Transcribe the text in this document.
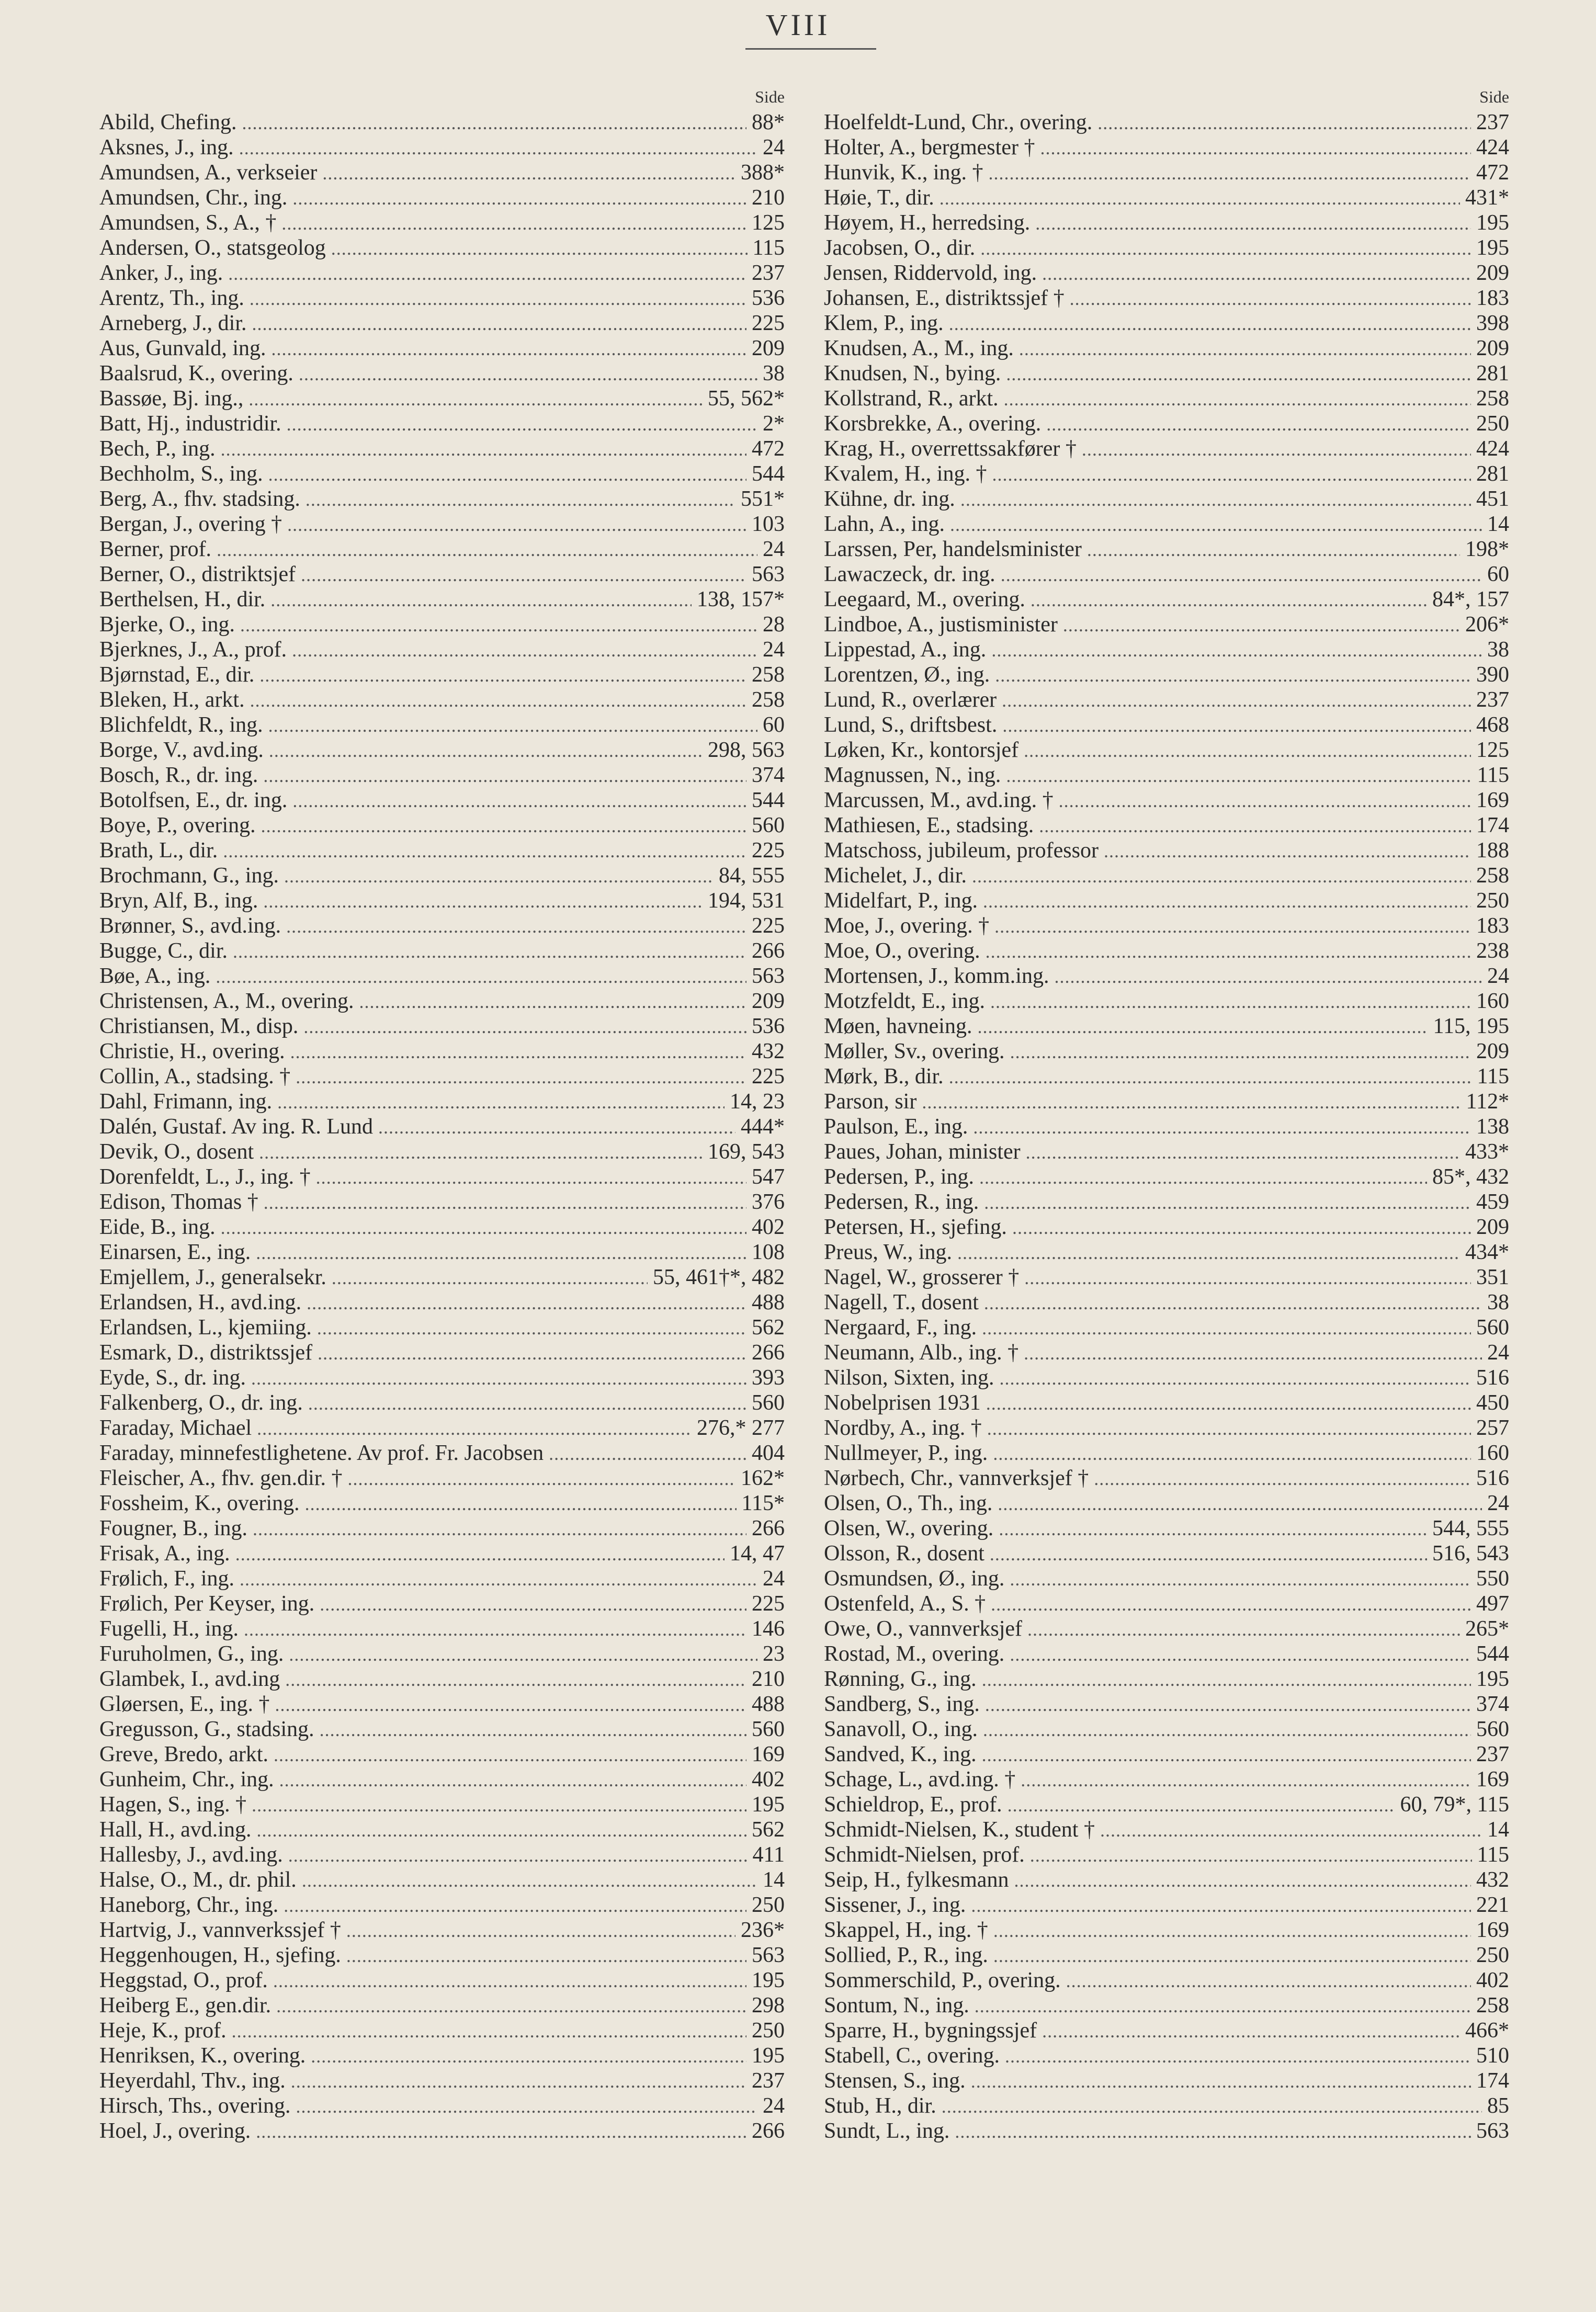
VIII
Side
Abild, Chefing. . . .	88*
Aksnes, J., ing. . . .	24
Amundsen, A., verkseier . . .	388*
Amundsen, Chr., ing. . . .	210
Amundsen, S., A., † . . .	125
Andersen, O., statsgeolog . . .	115
Anker, J., ing. . . .	237
Arentz, Th., ing. . . .	536
Arneberg, J., dir. . . .	225
Aus, Gunvald, ing. . . .	209
Baalsrud, K., overing. . . .	38
Bassøe, Bj. ing., . . .	55, 562*
Batt, Hj., industridir. . . .	2*
Bech, P., ing. . . .	472
Bechholm, S., ing. . . .	544
Berg, A., fhv. stadsing. . . .	551*
Bergan, J., overing † . . .	103
Berner, prof. . . .	24
Berner, O., distriktsjef . . .	563
Berthelsen, H., dir. . . .	138, 157*
Bjerke, O., ing. . . .	28
Bjerknes, J., A., prof. . . .	24
Bjørnstad, E., dir. . . .	258
Bleken, H., arkt. . . .	258
Blichfeldt, R., ing. . . .	60
Borge, V., avd.ing. . . .	298, 563
Bosch, R., dr. ing. . . .	374
Botolfsen, E., dr. ing. . . .	544
Boye, P., overing. . . .	560
Brath, L., dir. . . .	225
Brochmann, G., ing. . . .	84, 555
Bryn, Alf, B., ing. . . .	194, 531
Brønner, S., avd.ing. . . .	225
Bugge, C., dir. . . .	266
Bøe, A., ing. . . .	563
Christensen, A., M., overing. . . .	209
Christiansen, M., disp. . . .	536
Christie, H., overing. . . .	432
Collin, A., stadsing. † . . .	225
Dahl, Frimann, ing. . . .	14, 23
Dalén, Gustaf. Av ing. R. Lund . . .	444*
Devik, O., dosent . . .	169, 543
Dorenfeldt, L., J., ing. † . . .	547
Edison, Thomas † . . .	376
Eide, B., ing. . . .	402
Einarsen, E., ing. . . .	108
Emjellem, J., generalsekr. . . .	55, 461†*, 482
Erlandsen, H., avd.ing. . . .	488
Erlandsen, L., kjemiing. . . .	562
Esmark, D., distriktssjef . . .	266
Eyde, S., dr. ing. . . .	393
Falkenberg, O., dr. ing. . . .	560
Faraday, Michael . . .	276,* 277
Faraday, minnefestlighetene. Av prof. Fr. Jacobsen . . .	404
Fleischer, A., fhv. gen.dir. † . . .	162*
Fossheim, K., overing. . . .	115*
Fougner, B., ing. . . .	266
Frisak, A., ing. . . .	14, 47
Frølich, F., ing. . . .	24
Frølich, Per Keyser, ing. . . .	225
Fugelli, H., ing. . . .	146
Furuholmen, G., ing. . . .	23
Glambek, I., avd.ing . . .	210
Gløersen, E., ing. † . . .	488
Gregusson, G., stadsing. . . .	560
Greve, Bredo, arkt. . . .	169
Gunheim, Chr., ing. . . .	402
Hagen, S., ing. † . . .	195
Hall, H., avd.ing. . . .	562
Hallesby, J., avd.ing. . . .	411
Halse, O., M., dr. phil. . . .	14
Haneborg, Chr., ing. . . .	250
Hartvig, J., vannverkssjef † . . .	236*
Heggenhougen, H., sjefing. . . .	563
Heggstad, O., prof. . . .	195
Heiberg E., gen.dir. . . .	298
Heje, K., prof. . . .	250
Henriksen, K., overing. . . .	195
Heyerdahl, Thv., ing. . . .	237
Hirsch, Ths., overing. . . .	24
Hoel, J., overing. . . .	266
Side
Hoelfeldt-Lund, Chr., overing. . . .	237
Holter, A., bergmester † . . .	424
Hunvik, K., ing. † . . .	472
Høie, T., dir. . . .	431*
Høyem, H., herredsing. . . .	195
Jacobsen, O., dir. . . .	195
Jensen, Riddervold, ing. . . .	209
Johansen, E., distriktssjef † . . .	183
Klem, P., ing. . . .	398
Knudsen, A., M., ing. . . .	209
Knudsen, N., bying. . . .	281
Kollstrand, R., arkt. . . .	258
Korsbrekke, A., overing. . . .	250
Krag, H., overrettssakfører † . . .	424
Kvalem, H., ing. † . . .	281
Kühne, dr. ing. . . .	451
Lahn, A., ing. . . .	14
Larssen, Per, handelsminister . . .	198*
Lawaczeck, dr. ing. . . .	60
Leegaard, M., overing. . . .	84*, 157
Lindboe, A., justisminister . . .	206*
Lippestad, A., ing. . . .	38
Lorentzen, Ø., ing. . . .	390
Lund, R., overlærer . . .	237
Lund, S., driftsbest. . . .	468
Løken, Kr., kontorsjef . . .	125
Magnussen, N., ing. . . .	115
Marcussen, M., avd.ing. † . . .	169
Mathiesen, E., stadsing. . . .	174
Matschoss, jubileum, professor . . .	188
Michelet, J., dir. . . .	258
Midelfart, P., ing. . . .	250
Moe, J., overing. † . . .	183
Moe, O., overing. . . .	238
Mortensen, J., komm.ing. . . .	24
Motzfeldt, E., ing. . . .	160
Møen, havneing. . . .	115, 195
Møller, Sv., overing. . . .	209
Mørk, B., dir. . . .	115
Parson, sir . . .	112*
Paulson, E., ing. . . .	138
Paues, Johan, minister . . .	433*
Pedersen, P., ing. . . .	85*, 432
Pedersen, R., ing. . . .	459
Petersen, H., sjefing. . . .	209
Preus, W., ing. . . .	434*
Nagel, W., grosserer † . . .	351
Nagell, T., dosent . . .	38
Nergaard, F., ing. . . .	560
Neumann, Alb., ing. † . . .	24
Nilson, Sixten, ing. . . .	516
Nobelprisen 1931 . . .	450
Nordby, A., ing. † . . .	257
Nullmeyer, P., ing. . . .	160
Nørbech, Chr., vannverksjef † . . .	516
Olsen, O., Th., ing. . . .	24
Olsen, W., overing. . . .	544, 555
Olsson, R., dosent . . .	516, 543
Osmundsen, Ø., ing. . . .	550
Ostenfeld, A., S. † . . .	497
Owe, O., vannverksjef . . .	265*
Rostad, M., overing. . . .	544
Rønning, G., ing. . . .	195
Sandberg, S., ing. . . .	374
Sanavoll, O., ing. . . .	560
Sandved, K., ing. . . .	237
Schage, L., avd.ing. † . . .	169
Schieldrop, E., prof. . . .	60, 79*, 115
Schmidt-Nielsen, K., student † . . .	14
Schmidt-Nielsen, prof. . . .	115
Seip, H., fylkesmann . . .	432
Sissener, J., ing. . . .	221
Skappel, H., ing. † . . .	169
Sollied, P., R., ing. . . .	250
Sommerschild, P., overing. . . .	402
Sontum, N., ing. . . .	258
Sparre, H., bygningssjef . . .	466*
Stabell, C., overing. . . .	510
Stensen, S., ing. . . .	174
Stub, H., dir. . . .	85
Sundt, L., ing. . . .	563
